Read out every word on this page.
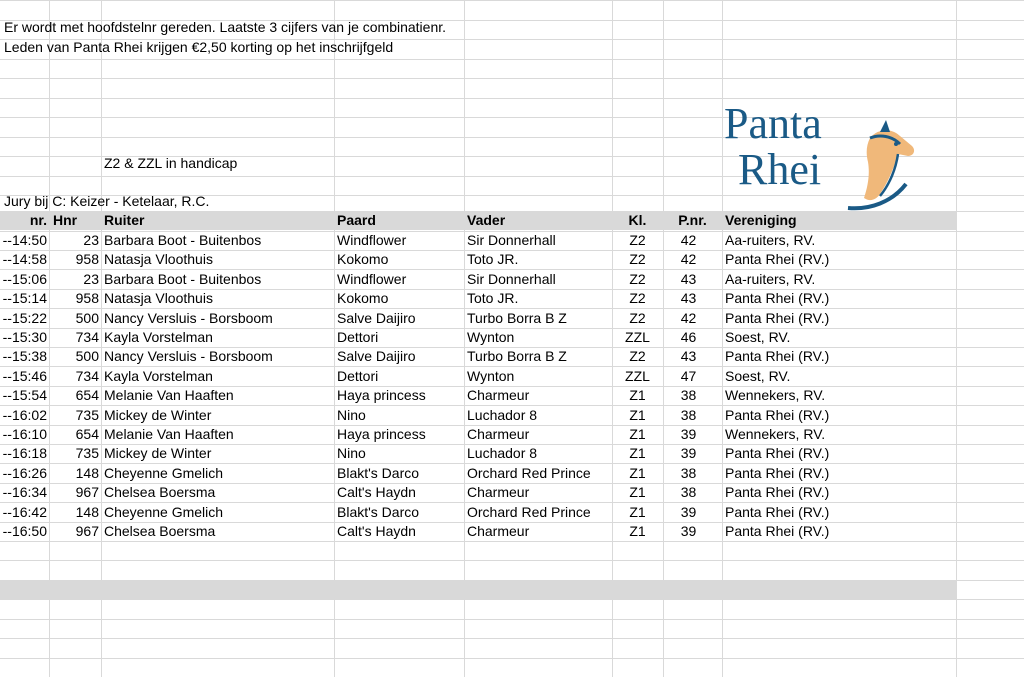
Er wordt met hoofdstelnr gereden. Laatste 3 cijfers van je combinatienr.
Leden van Panta Rhei krijgen €2,50 korting op het inschrijfgeld
Z2 & ZZL in handicap
Jury bij C: Keizer - Ketelaar, R.C.
Panta
Rhei
nr. Hnr Ruiter	Paard	Vader	Kl.	P.nr.	Vereniging
--14:50	23 Barbara Boot - Buitenbos	Windflower	Sir Donnerhall	Z2	42	Aa-ruiters, RV.
--14:58	958 Natasja Vloothuis	Kokomo	Toto JR.	Z2	42	Panta Rhei (RV.)
--15:06	23 Barbara Boot - Buitenbos	Windflower	Sir Donnerhall	Z2	43	Aa-ruiters, RV.
--15:14	958 Natasja Vloothuis	Kokomo	Toto JR.	Z2	43	Panta Rhei (RV.)
--15:22	500 Nancy Versluis - Borsboom	Salve Daijiro	Turbo Borra B Z	Z2	42	Panta Rhei (RV.)
--15:30	734 Kayla Vorstelman	Dettori	Wynton	ZZL	46	Soest, RV.
--15:38	500 Nancy Versluis - Borsboom	Salve Daijiro	Turbo Borra B Z	Z2	43	Panta Rhei (RV.)
--15:46	734 Kayla Vorstelman	Dettori	Wynton	ZZL	47	Soest, RV.
--15:54	654 Melanie Van Haaften	Haya princess	Charmeur	Z1	38	Wennekers, RV.
--16:02	735 Mickey de Winter	Nino	Luchador 8	Z1	38	Panta Rhei (RV.)
--16:10	654 Melanie Van Haaften	Haya princess	Charmeur	Z1	39	Wennekers, RV.
--16:18	735 Mickey de Winter	Nino	Luchador 8	Z1	39	Panta Rhei (RV.)
--16:26	148 Cheyenne Gmelich	Blakt's Darco	Orchard Red Prince	Z1	38	Panta Rhei (RV.)
--16:34	967 Chelsea Boersma	Calt's Haydn	Charmeur	Z1	38	Panta Rhei (RV.)
--16:42	148 Cheyenne Gmelich	Blakt's Darco	Orchard Red Prince	Z1	39	Panta Rhei (RV.)
--16:50	967 Chelsea Boersma	Calt's Haydn	Charmeur	Z1	39	Panta Rhei (RV.)
